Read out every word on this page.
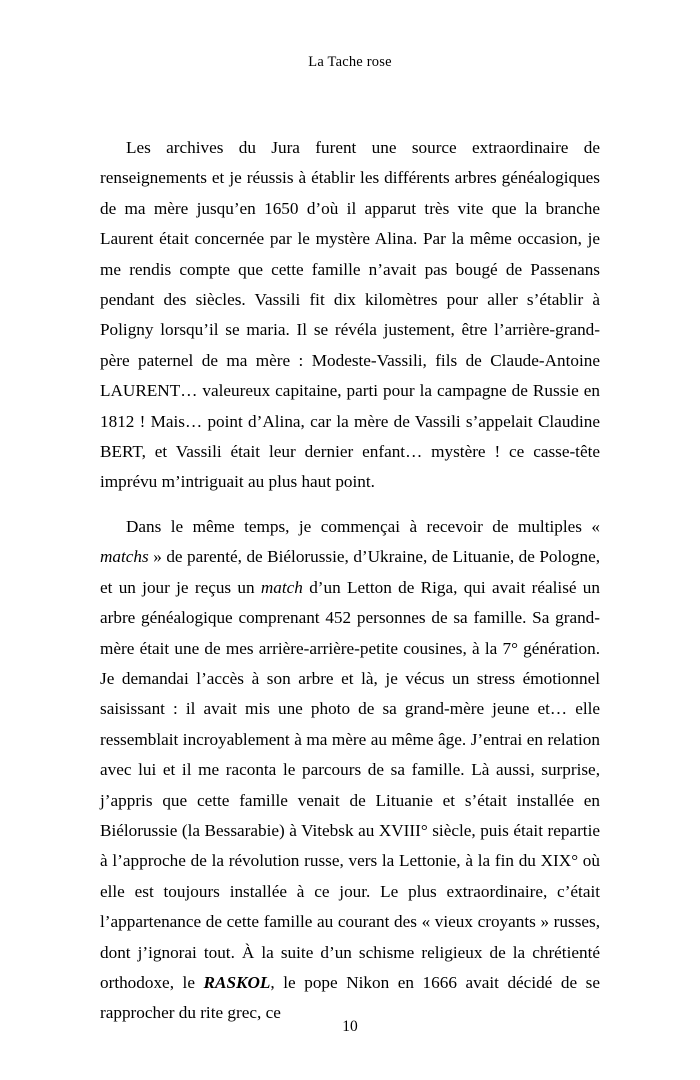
La Tache rose

Les archives du Jura furent une source extraordinaire de renseignements et je réussis à établir les différents arbres généalogiques de ma mère jusqu’en 1650 d’où il apparut très vite que la branche Laurent était concernée par le mystère Alina. Par la même occasion, je me rendis compte que cette famille n’avait pas bougé de Passenans pendant des siècles. Vassili fit dix kilomètres pour aller s’établir à Poligny lorsqu’il se maria. Il se révéla justement, être l’arrière-grand-père paternel de ma mère : Modeste-Vassili, fils de Claude-Antoine LAURENT… valeureux capitaine, parti pour la campagne de Russie en 1812 ! Mais… point d’Alina, car la mère de Vassili s’appelait Claudine BERT, et Vassili était leur dernier enfant… mystère ! ce casse-tête imprévu m’intriguait au plus haut point.

Dans le même temps, je commençai à recevoir de multiples « matchs » de parenté, de Biélorussie, d’Ukraine, de Lituanie, de Pologne, et un jour je reçus un match d’un Letton de Riga, qui avait réalisé un arbre généalogique comprenant 452 personnes de sa famille. Sa grand-mère était une de mes arrière-arrière-petite cousines, à la 7° génération. Je demandai l’accès à son arbre et là, je vécus un stress émotionnel saisissant : il avait mis une photo de sa grand-mère jeune et… elle ressemblait incroyablement à ma mère au même âge. J’entrai en relation avec lui et il me raconta le parcours de sa famille. Là aussi, surprise, j’appris que cette famille venait de Lituanie et s’était installée en Biélorussie (la Bessarabie) à Vitebsk au XVIII° siècle, puis était repartie à l’approche de la révolution russe, vers la Lettonie, à la fin du XIX° où elle est toujours installée à ce jour. Le plus extraordinaire, c’était l’appartenance de cette famille au courant des « vieux croyants » russes, dont j’ignorai tout. À la suite d’un schisme religieux de la chrétienté orthodoxe, le RASKOL, le pope Nikon en 1666 avait décidé de se rapprocher du rite grec, ce

10
